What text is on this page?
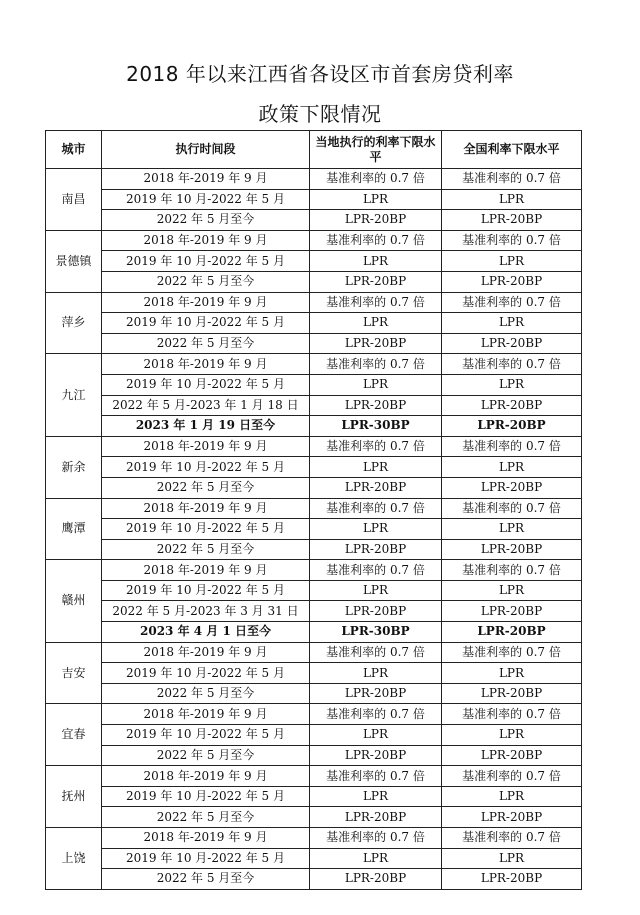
2018 年以来江西省各设区市首套房贷利率
政策下限情况
城市	执行时间段	当地执行的利率下限水平	全国利率下限水平
南昌	2018 年-2019 年 9 月	基准利率的 0.7 倍	基准利率的 0.7 倍
	2019 年 10 月-2022 年 5 月	LPR	LPR
	2022 年 5 月至今	LPR-20BP	LPR-20BP
景德镇	2018 年-2019 年 9 月	基准利率的 0.7 倍	基准利率的 0.7 倍
	2019 年 10 月-2022 年 5 月	LPR	LPR
	2022 年 5 月至今	LPR-20BP	LPR-20BP
萍乡	2018 年-2019 年 9 月	基准利率的 0.7 倍	基准利率的 0.7 倍
	2019 年 10 月-2022 年 5 月	LPR	LPR
	2022 年 5 月至今	LPR-20BP	LPR-20BP
九江	2018 年-2019 年 9 月	基准利率的 0.7 倍	基准利率的 0.7 倍
	2019 年 10 月-2022 年 5 月	LPR	LPR
	2022 年 5 月-2023 年 1 月 18 日	LPR-20BP	LPR-20BP
	2023 年 1 月 19 日至今	LPR-30BP	LPR-20BP
新余	2018 年-2019 年 9 月	基准利率的 0.7 倍	基准利率的 0.7 倍
	2019 年 10 月-2022 年 5 月	LPR	LPR
	2022 年 5 月至今	LPR-20BP	LPR-20BP
鹰潭	2018 年-2019 年 9 月	基准利率的 0.7 倍	基准利率的 0.7 倍
	2019 年 10 月-2022 年 5 月	LPR	LPR
	2022 年 5 月至今	LPR-20BP	LPR-20BP
赣州	2018 年-2019 年 9 月	基准利率的 0.7 倍	基准利率的 0.7 倍
	2019 年 10 月-2022 年 5 月	LPR	LPR
	2022 年 5 月-2023 年 3 月 31 日	LPR-20BP	LPR-20BP
	2023 年 4 月 1 日至今	LPR-30BP	LPR-20BP
吉安	2018 年-2019 年 9 月	基准利率的 0.7 倍	基准利率的 0.7 倍
	2019 年 10 月-2022 年 5 月	LPR	LPR
	2022 年 5 月至今	LPR-20BP	LPR-20BP
宜春	2018 年-2019 年 9 月	基准利率的 0.7 倍	基准利率的 0.7 倍
	2019 年 10 月-2022 年 5 月	LPR	LPR
	2022 年 5 月至今	LPR-20BP	LPR-20BP
抚州	2018 年-2019 年 9 月	基准利率的 0.7 倍	基准利率的 0.7 倍
	2019 年 10 月-2022 年 5 月	LPR	LPR
	2022 年 5 月至今	LPR-20BP	LPR-20BP
上饶	2018 年-2019 年 9 月	基准利率的 0.7 倍	基准利率的 0.7 倍
	2019 年 10 月-2022 年 5 月	LPR	LPR
	2022 年 5 月至今	LPR-20BP	LPR-20BP
